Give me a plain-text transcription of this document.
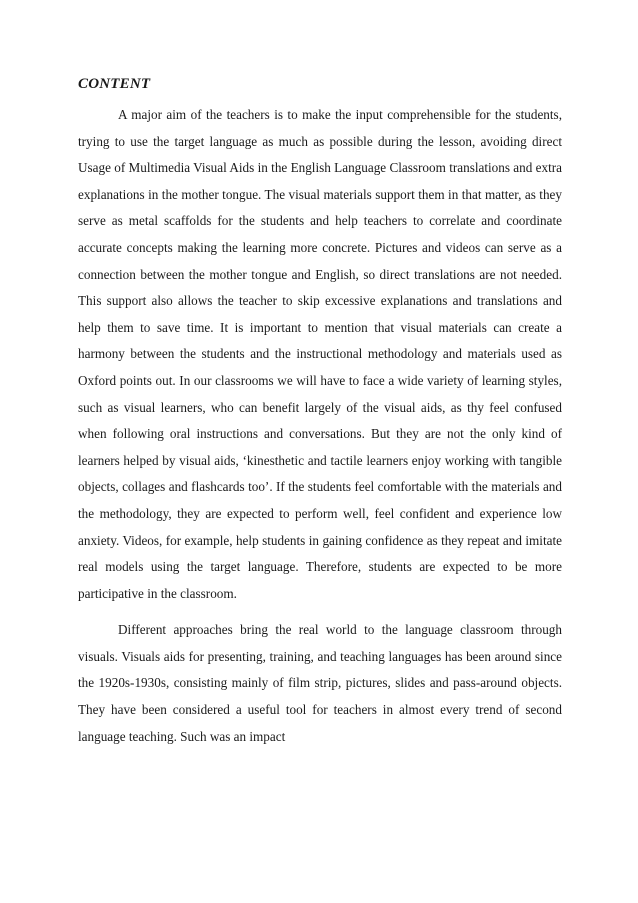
CONTENT

A major aim of the teachers is to make the input comprehensible for the students, trying to use the target language as much as possible during the lesson, avoiding direct Usage of Multimedia Visual Aids in the English Language Classroom translations and extra explanations in the mother tongue. The visual materials support them in that matter, as they serve as metal scaffolds for the students and help teachers to correlate and coordinate accurate concepts making the learning more concrete. Pictures and videos can serve as a connection between the mother tongue and English, so direct translations are not needed. This support also allows the teacher to skip excessive explanations and translations and help them to save time. It is important to mention that visual materials can create a harmony between the students and the instructional methodology and materials used as Oxford points out. In our classrooms we will have to face a wide variety of learning styles, such as visual learners, who can benefit largely of the visual aids, as thy feel confused when following oral instructions and conversations. But they are not the only kind of learners helped by visual aids, ‘kinesthetic and tactile learners enjoy working with tangible objects, collages and flashcards too’. If the students feel comfortable with the materials and the methodology, they are expected to perform well, feel confident and experience low anxiety. Videos, for example, help students in gaining confidence as they repeat and imitate real models using the target language. Therefore, students are expected to be more participative in the classroom.

Different approaches bring the real world to the language classroom through visuals. Visuals aids for presenting, training, and teaching languages has been around since the 1920s-1930s, consisting mainly of film strip, pictures, slides and pass-around objects. They have been considered a useful tool for teachers in almost every trend of second language teaching. Such was an impact
